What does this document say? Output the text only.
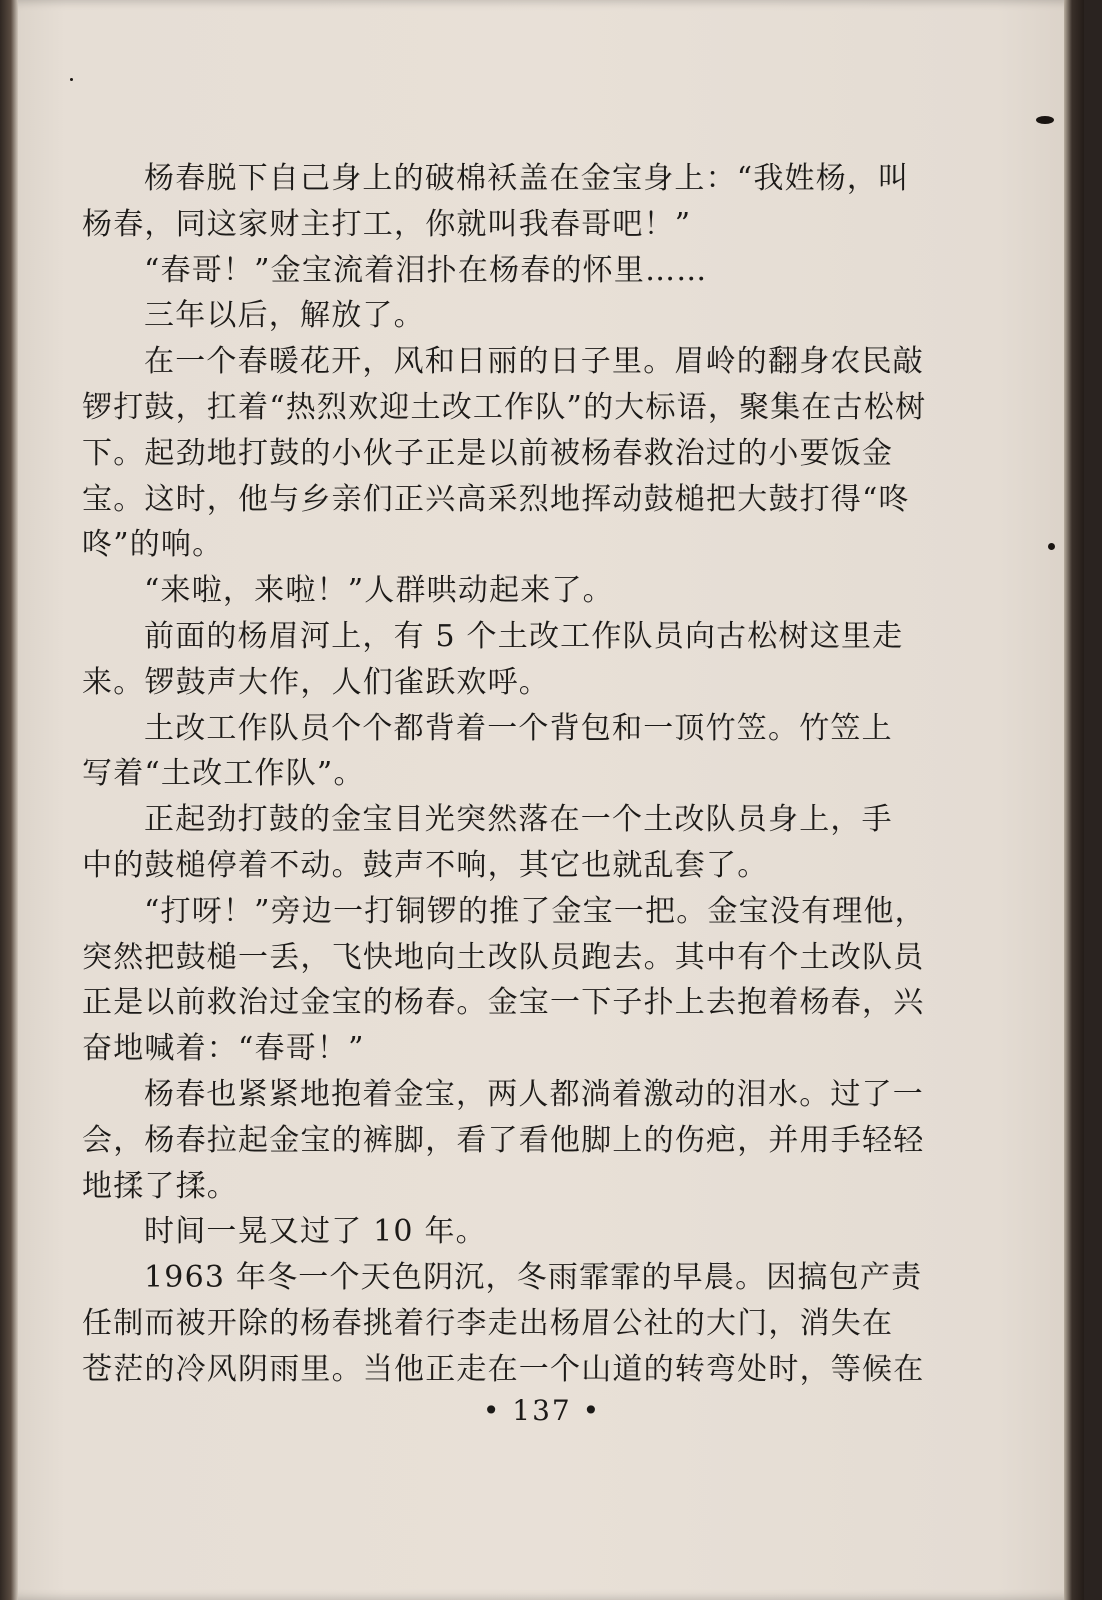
杨春脱下自己身上的破棉袄盖在金宝身上：“我姓杨，叫
杨春，同这家财主打工，你就叫我春哥吧！”
“春哥！”金宝流着泪扑在杨春的怀里……
三年以后，解放了。
在一个春暖花开，风和日丽的日子里。眉岭的翻身农民敲
锣打鼓，扛着“热烈欢迎土改工作队”的大标语，聚集在古松树
下。起劲地打鼓的小伙子正是以前被杨春救治过的小要饭金
宝。这时，他与乡亲们正兴高采烈地挥动鼓槌把大鼓打得“咚
咚”的响。
“来啦，来啦！”人群哄动起来了。
前面的杨眉河上，有 5 个土改工作队员向古松树这里走
来。锣鼓声大作，人们雀跃欢呼。
土改工作队员个个都背着一个背包和一顶竹笠。竹笠上
写着“土改工作队”。
正起劲打鼓的金宝目光突然落在一个土改队员身上，手
中的鼓槌停着不动。鼓声不响，其它也就乱套了。
“打呀！”旁边一打铜锣的推了金宝一把。金宝没有理他，
突然把鼓槌一丢，飞快地向土改队员跑去。其中有个土改队员
正是以前救治过金宝的杨春。金宝一下子扑上去抱着杨春，兴
奋地喊着：“春哥！”
杨春也紧紧地抱着金宝，两人都淌着激动的泪水。过了一
会，杨春拉起金宝的裤脚，看了看他脚上的伤疤，并用手轻轻
地揉了揉。
时间一晃又过了 10 年。
1963 年冬一个天色阴沉，冬雨霏霏的早晨。因搞包产责
任制而被开除的杨春挑着行李走出杨眉公社的大门，消失在
苍茫的冷风阴雨里。当他正走在一个山道的转弯处时，等候在
• 137 •
